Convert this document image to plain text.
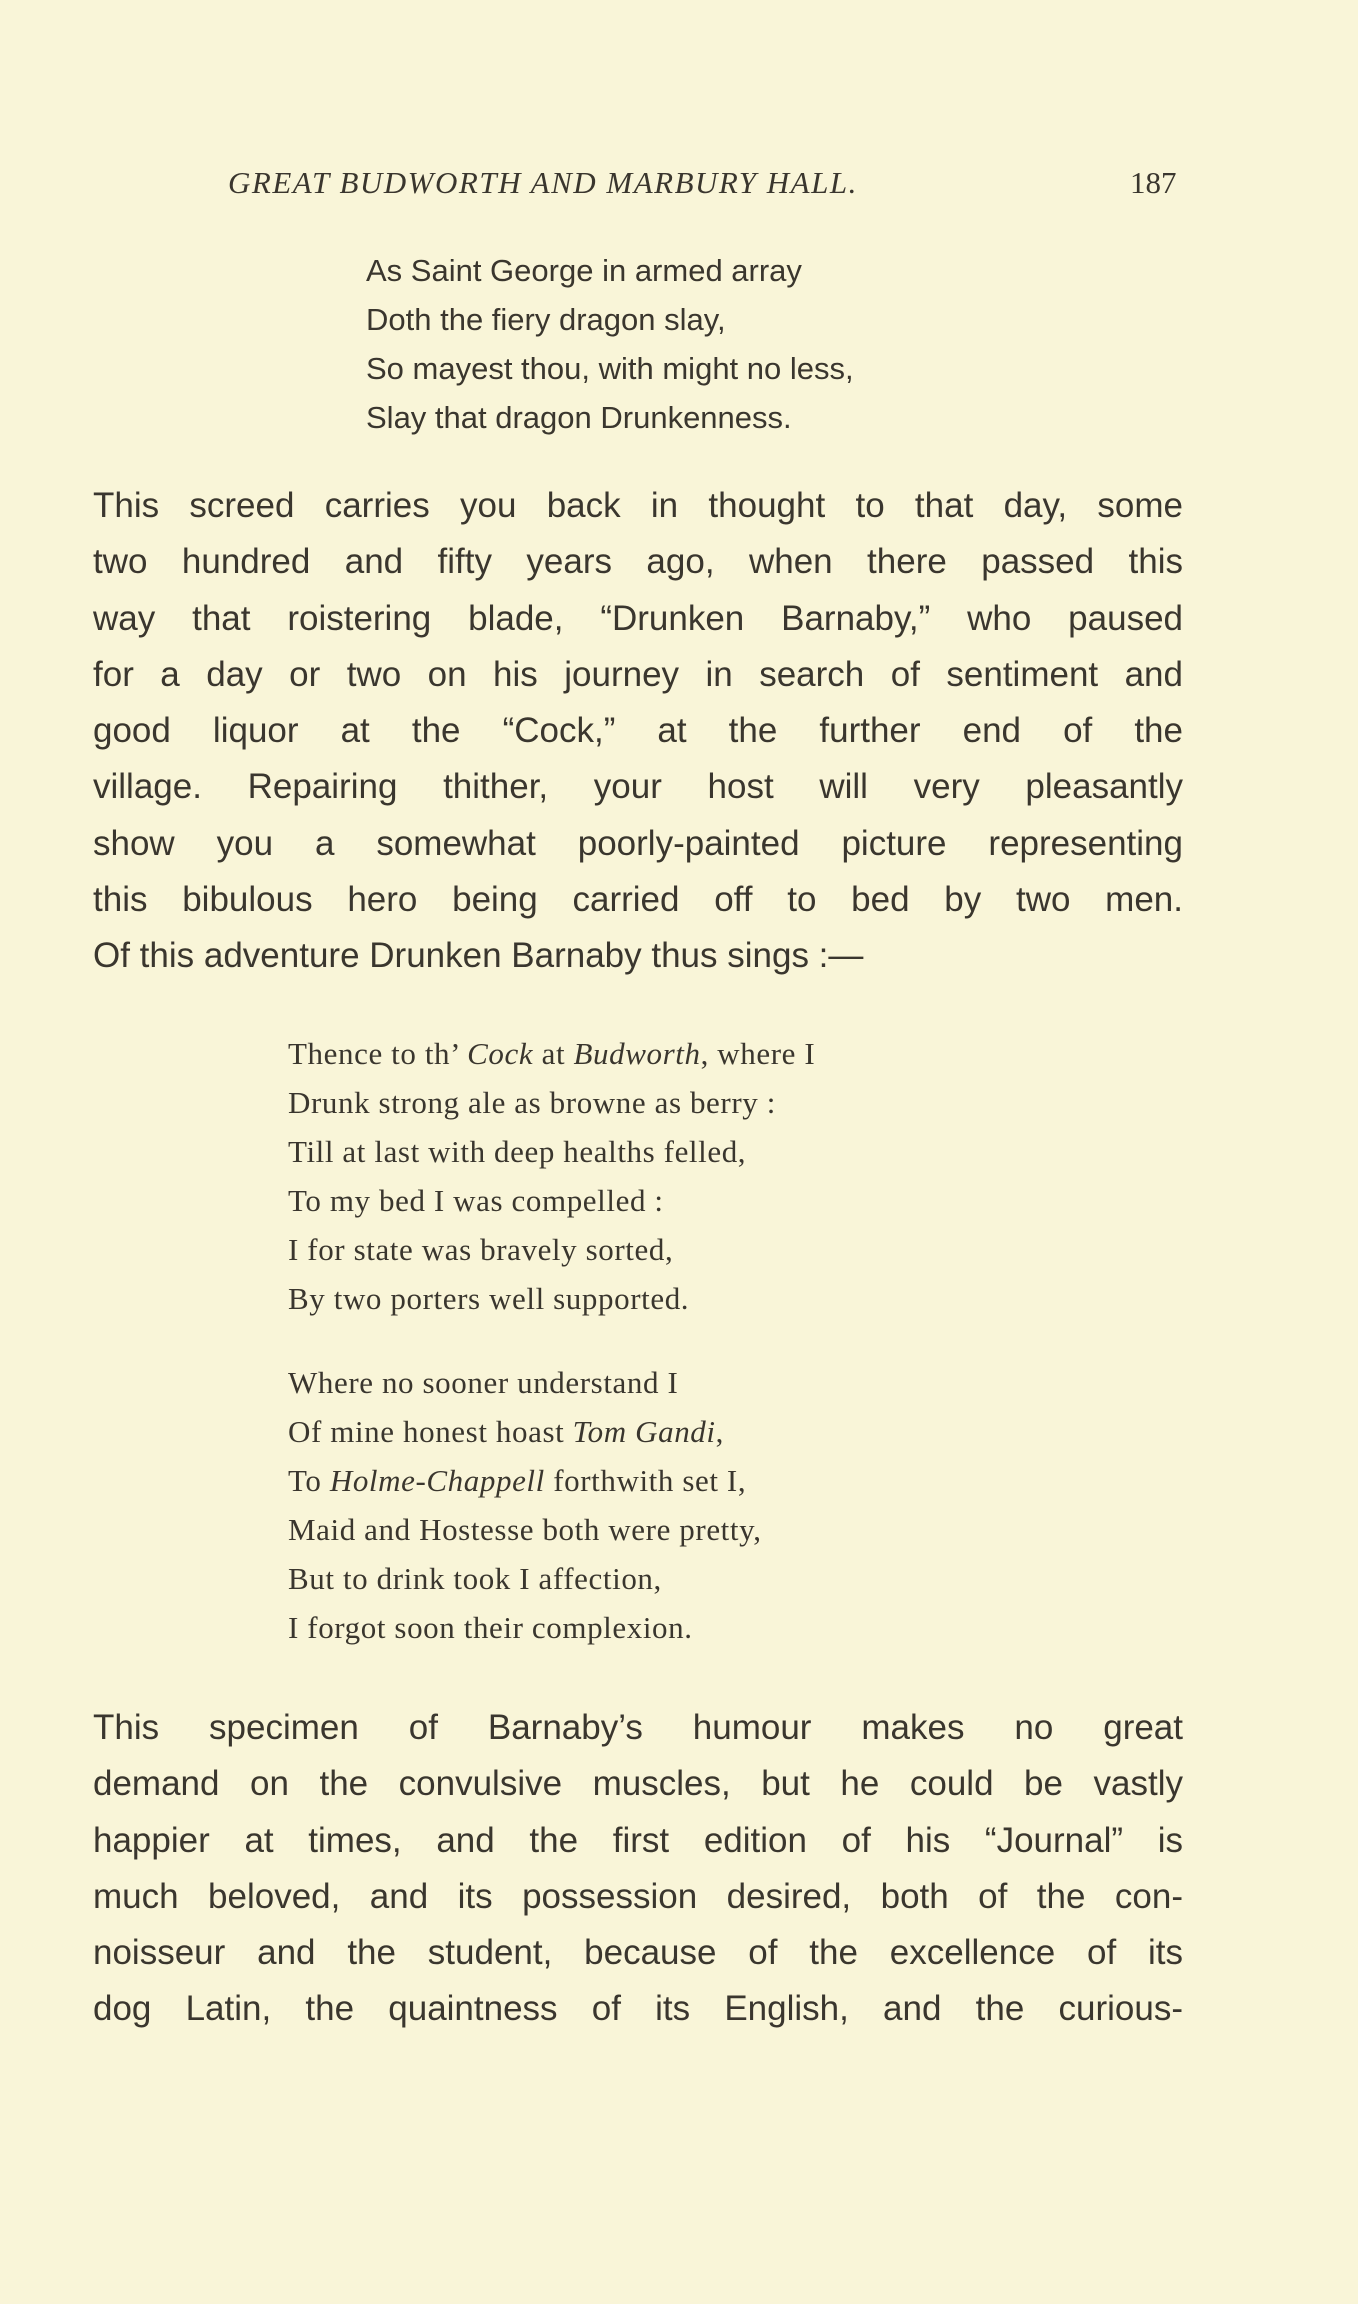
GREAT BUDWORTH AND MARBURY HALL.	187
As Saint George in armed array
Doth the fiery dragon slay,
So mayest thou, with might no less,
Slay that dragon Drunkenness.
This screed carries you back in thought to that day, some
two hundred and fifty years ago, when there passed this
way that roistering blade, “Drunken Barnaby,” who paused
for a day or two on his journey in search of sentiment and
good liquor at the “Cock,” at the further end of the
village. Repairing thither, your host will very pleasantly
show you a somewhat poorly-painted picture representing
this bibulous hero being carried off to bed by two men.
Of this adventure Drunken Barnaby thus sings :—
Thence to th’ Cock at Budworth, where I
Drunk strong ale as browne as berry :
Till at last with deep healths felled,
To my bed I was compelled :
I for state was bravely sorted,
By two porters well supported.
Where no sooner understand I
Of mine honest hoast Tom Gandi,
To Holme-Chappell forthwith set I,
Maid and Hostesse both were pretty,
But to drink took I affection,
I forgot soon their complexion.
This specimen of Barnaby’s humour makes no great
demand on the convulsive muscles, but he could be vastly
happier at times, and the first edition of his “Journal” is
much beloved, and its possession desired, both of the con-
noisseur and the student, because of the excellence of its
dog Latin, the quaintness of its English, and the curious-
